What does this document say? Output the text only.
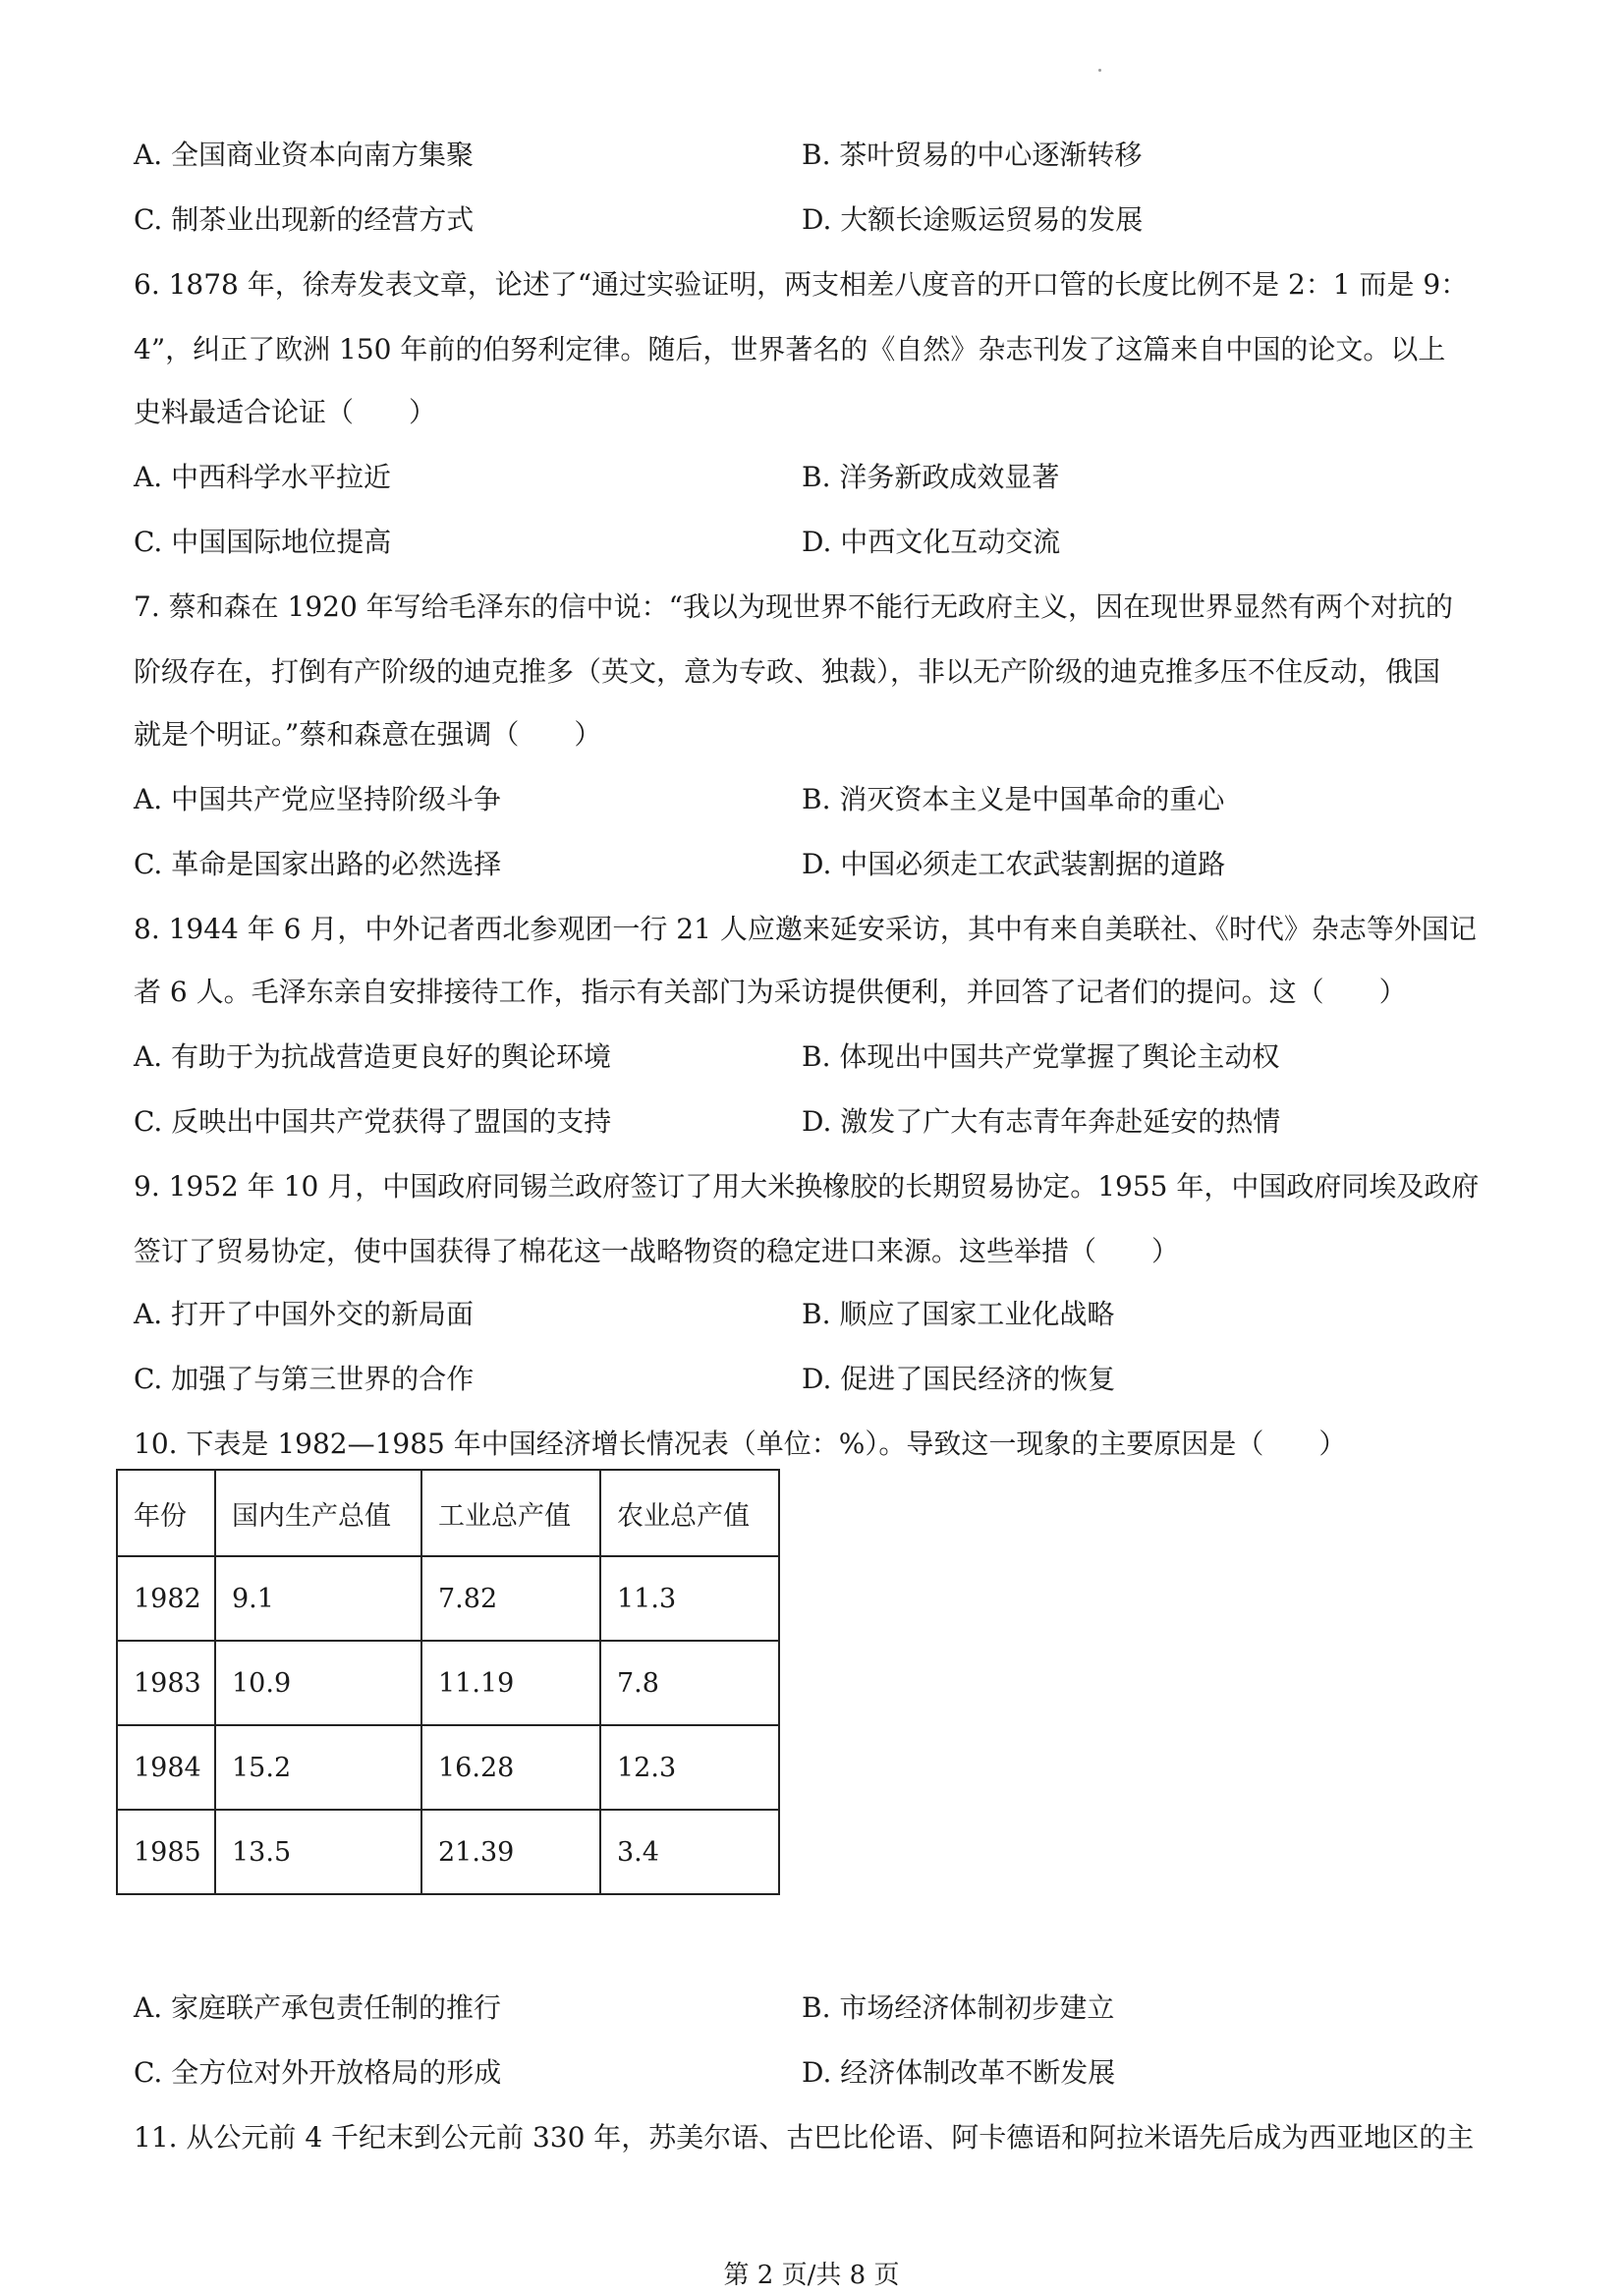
A. 全国商业资本向南方集聚	B. 茶叶贸易的中心逐渐转移
C. 制茶业出现新的经营方式	D. 大额长途贩运贸易的发展
6. 1878 年，徐寿发表文章，论述了“通过实验证明，两支相差八度音的开口管的长度比例不是 2：1 而是 9：
4”，纠正了欧洲 150 年前的伯努利定律。随后，世界著名的《自然》杂志刊发了这篇来自中国的论文。以上
史料最适合论证（　　）
A. 中西科学水平拉近	B. 洋务新政成效显著
C. 中国国际地位提高	D. 中西文化互动交流
7. 蔡和森在 1920 年写给毛泽东的信中说：“我以为现世界不能行无政府主义，因在现世界显然有两个对抗的
阶级存在，打倒有产阶级的迪克推多（英文，意为专政、独裁），非以无产阶级的迪克推多压不住反动，俄国
就是个明证。”蔡和森意在强调（　　）
A. 中国共产党应坚持阶级斗争	B. 消灭资本主义是中国革命的重心
C. 革命是国家出路的必然选择	D. 中国必须走工农武装割据的道路
8. 1944 年 6 月，中外记者西北参观团一行 21 人应邀来延安采访，其中有来自美联社、《时代》杂志等外国记
者 6 人。毛泽东亲自安排接待工作，指示有关部门为采访提供便利，并回答了记者们的提问。这（　　）
A. 有助于为抗战营造更良好的舆论环境	B. 体现出中国共产党掌握了舆论主动权
C. 反映出中国共产党获得了盟国的支持	D. 激发了广大有志青年奔赴延安的热情
9. 1952 年 10 月，中国政府同锡兰政府签订了用大米换橡胶的长期贸易协定。1955 年，中国政府同埃及政府
签订了贸易协定，使中国获得了棉花这一战略物资的稳定进口来源。这些举措（　　）
A. 打开了中国外交的新局面	B. 顺应了国家工业化战略
C. 加强了与第三世界的合作	D. 促进了国民经济的恢复
10. 下表是 1982—1985 年中国经济增长情况表（单位：%）。导致这一现象的主要原因是（　　）
年份	国内生产总值	工业总产值	农业总产值
1982	9.1	7.82	11.3
1983	10.9	11.19	7.8
1984	15.2	16.28	12.3
1985	13.5	21.39	3.4
A. 家庭联产承包责任制的推行	B. 市场经济体制初步建立
C. 全方位对外开放格局的形成	D. 经济体制改革不断发展
11. 从公元前 4 千纪末到公元前 330 年，苏美尔语、古巴比伦语、阿卡德语和阿拉米语先后成为西亚地区的主
第 2 页/共 8 页
